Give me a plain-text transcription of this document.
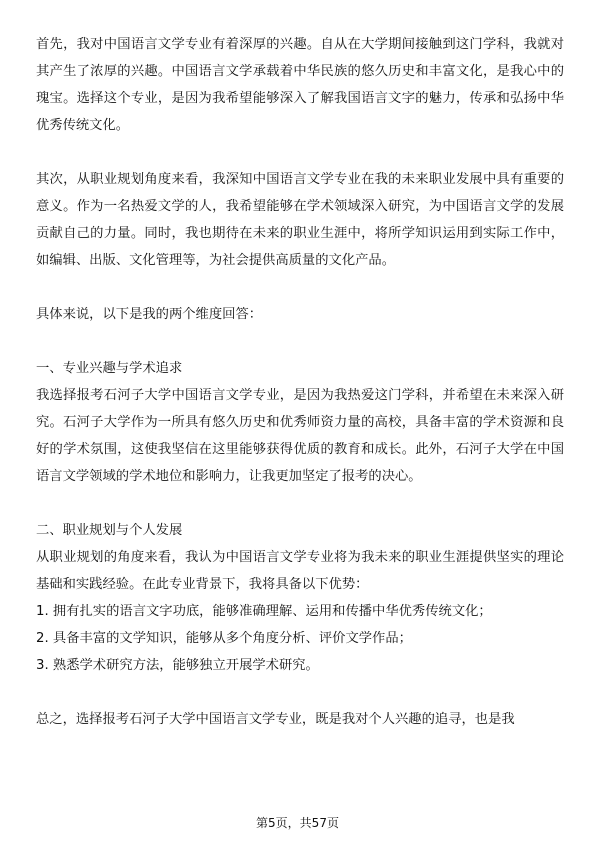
首先，我对中国语言文学专业有着深厚的兴趣。自从在大学期间接触到这门学科，我就对其产生了浓厚的兴趣。中国语言文学承载着中华民族的悠久历史和丰富文化，是我心中的瑰宝。选择这个专业，是因为我希望能够深入了解我国语言文字的魅力，传承和弘扬中华优秀传统文化。

其次，从职业规划角度来看，我深知中国语言文学专业在我的未来职业发展中具有重要的意义。作为一名热爱文学的人，我希望能够在学术领域深入研究，为中国语言文学的发展贡献自己的力量。同时，我也期待在未来的职业生涯中，将所学知识运用到实际工作中，如编辑、出版、文化管理等，为社会提供高质量的文化产品。

具体来说，以下是我的两个维度回答：

一、专业兴趣与学术追求

我选择报考石河子大学中国语言文学专业，是因为我热爱这门学科，并希望在未来深入研究。石河子大学作为一所具有悠久历史和优秀师资力量的高校，具备丰富的学术资源和良好的学术氛围，这使我坚信在这里能够获得优质的教育和成长。此外，石河子大学在中国语言文学领域的学术地位和影响力，让我更加坚定了报考的决心。

二、职业规划与个人发展

从职业规划的角度来看，我认为中国语言文学专业将为我未来的职业生涯提供坚实的理论基础和实践经验。在此专业背景下，我将具备以下优势：

1. 拥有扎实的语言文字功底，能够准确理解、运用和传播中华优秀传统文化；

2. 具备丰富的文学知识，能够从多个角度分析、评价文学作品；

3. 熟悉学术研究方法，能够独立开展学术研究。

总之，选择报考石河子大学中国语言文学专业，既是我对个人兴趣的追寻，也是我

第5页，共57页
